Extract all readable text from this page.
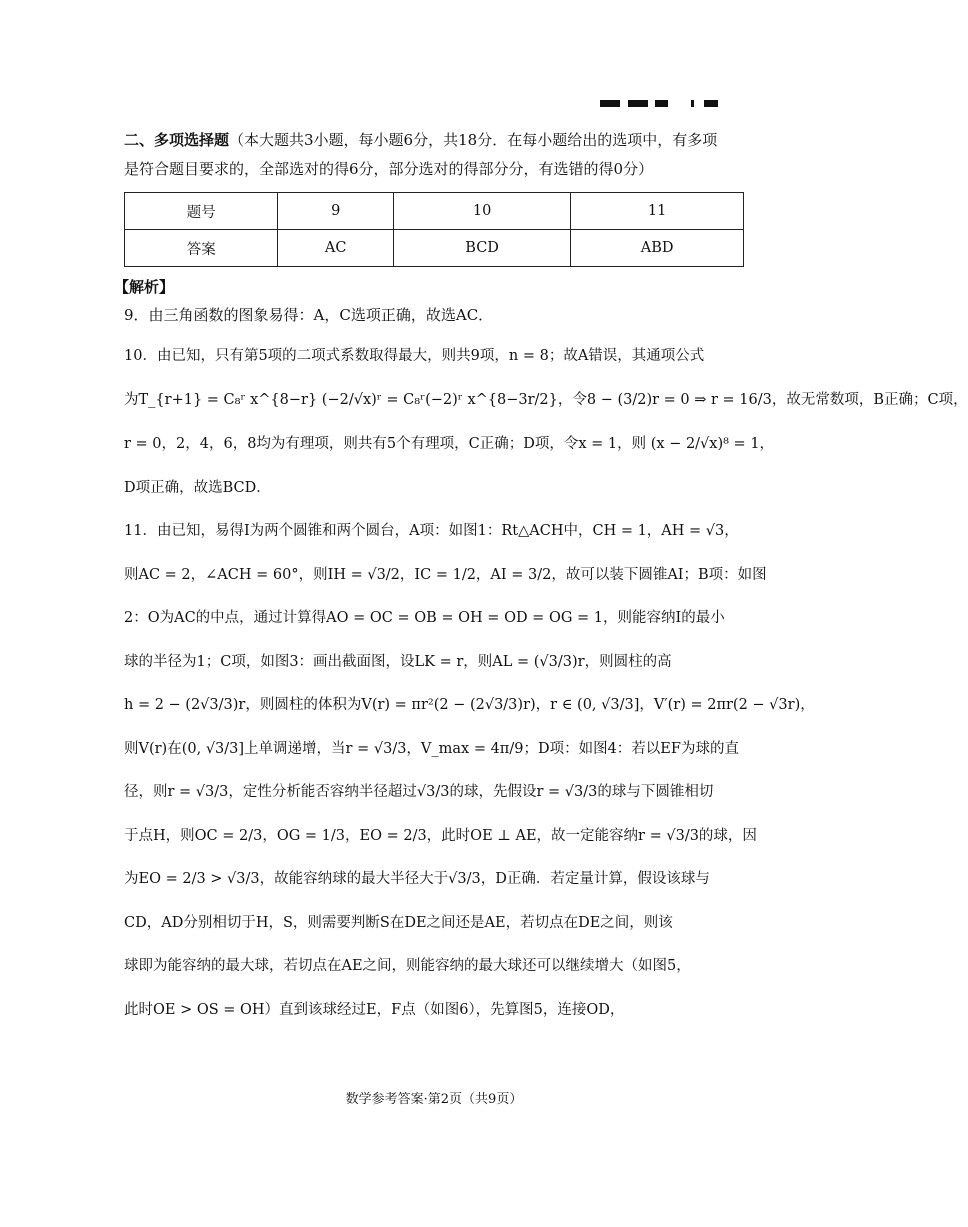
二、多项选择题（本大题共3小题，每小题6分，共18分．在每小题给出的选项中，有多项

是符合题目要求的，全部选对的得6分，部分选对的得部分分，有选错的得0分）

题号	9	10	11
答案	AC	BCD	ABD
【解析】

9．由三角函数的图象易得：A，C选项正确，故选AC．

10．由已知，只有第5项的二项式系数取得最大，则共9项，n = 8；故A错误，其通项公式
为T_{r+1} = C₈ʳ x^{8−r} (−2/√x)ʳ = C₈ʳ(−2)ʳ x^{8−3r/2}，令8 − (3/2)r = 0 ⇒ r = 16/3，故无常数项，B正确；C项，
r = 0，2，4，6，8均为有理项，则共有5个有理项，C正确；D项，令x = 1，则 (x − 2/√x)⁸ = 1，
D项正确，故选BCD．
11．由已知，易得I为两个圆锥和两个圆台，A项：如图1：Rt△ACH中，CH = 1，AH = √3，
则AC = 2，∠ACH = 60°，则IH = √3/2，IC = 1/2，AI = 3/2，故可以装下圆锥AI；B项：如图
2：O为AC的中点，通过计算得AO = OC = OB = OH = OD = OG = 1，则能容纳I的最小
球的半径为1；C项，如图3：画出截面图，设LK = r，则AL = (√3/3)r，则圆柱的高
h = 2 − (2√3/3)r，则圆柱的体积为V(r) = πr²(2 − (2√3/3)r)，r ∈ (0, √3/3]，V′(r) = 2πr(2 − √3r)，
则V(r)在(0, √3/3]上单调递增，当r = √3/3，V_max = 4π/9；D项：如图4：若以EF为球的直
径，则r = √3/3，定性分析能否容纳半径超过√3/3的球，先假设r = √3/3的球与下圆锥相切
于点H，则OC = 2/3，OG = 1/3，EO = 2/3，此时OE ⊥ AE，故一定能容纳r = √3/3的球，因
为EO = 2/3 > √3/3，故能容纳球的最大半径大于√3/3，D正确．若定量计算，假设该球与
CD，AD分别相切于H，S，则需要判断S在DE之间还是AE，若切点在DE之间，则该
球即为能容纳的最大球，若切点在AE之间，则能容纳的最大球还可以继续增大（如图5，
此时OE > OS = OH）直到该球经过E，F点（如图6），先算图5，连接OD，
数学参考答案·第2页（共9页）
